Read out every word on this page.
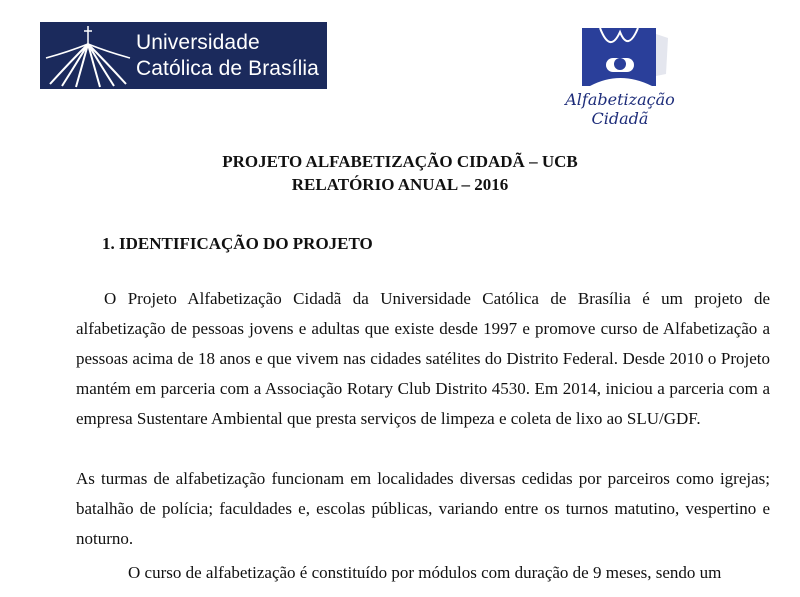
Universidade
Católica de Brasília
Alfabetização Cidadã
PROJETO ALFABETIZAÇÃO CIDADÃ – UCB
RELATÓRIO ANUAL – 2016
1. IDENTIFICAÇÃO DO PROJETO

O Projeto Alfabetização Cidadã da Universidade Católica de Brasília é um projeto de alfabetização de pessoas jovens e adultas que existe desde 1997 e promove curso de Alfabetização a pessoas acima de 18 anos e que vivem nas cidades satélites do Distrito Federal. Desde 2010 o Projeto mantém em parceria com a Associação Rotary Club Distrito 4530. Em 2014, iniciou a parceria com a empresa Sustentare Ambiental que presta serviços de limpeza e coleta de lixo ao SLU/GDF.

As turmas de alfabetização funcionam em localidades diversas cedidas por parceiros como igrejas; batalhão de polícia; faculdades e, escolas públicas, variando entre os turnos matutino, vespertino e noturno.

O curso de alfabetização é constituído por módulos com duração de 9 meses, sendo um
